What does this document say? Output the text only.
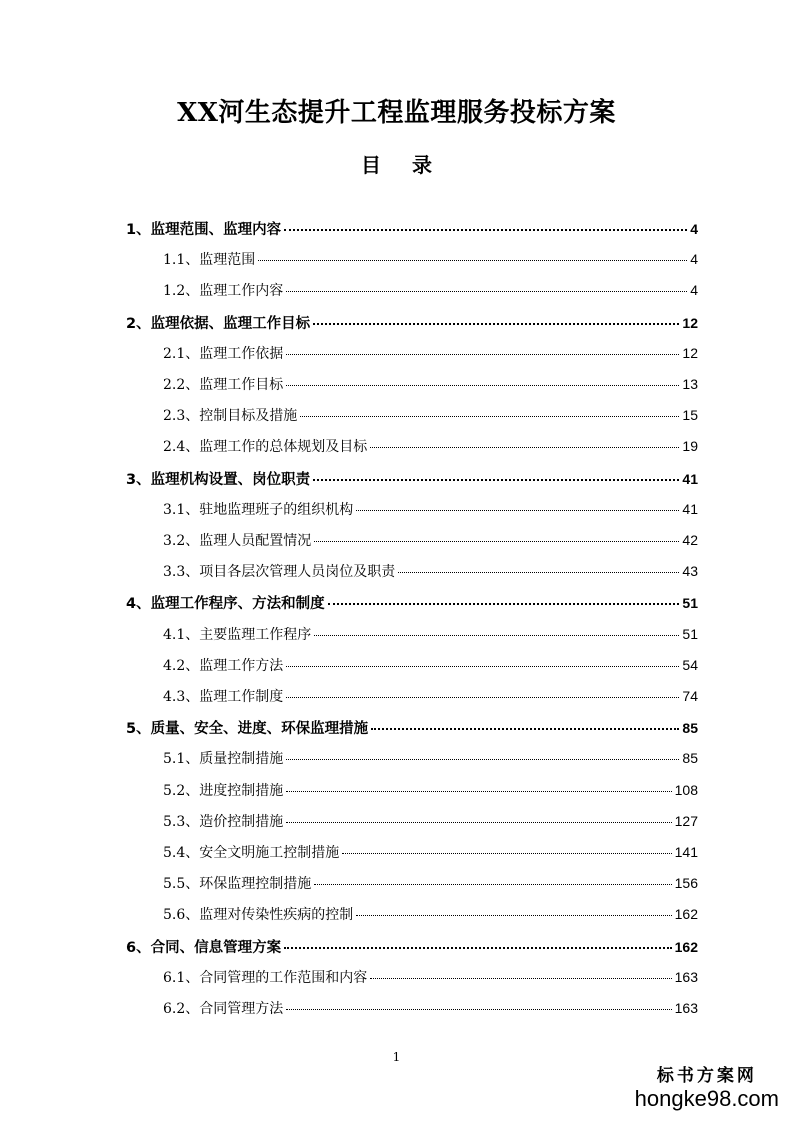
XX河生态提升工程监理服务投标方案
目 录
1、监理范围、监理内容	4
1.1、监理范围	4
1.2、监理工作内容	4
2、监理依据、监理工作目标	12
2.1、监理工作依据	12
2.2、监理工作目标	13
2.3、控制目标及措施	15
2.4、监理工作的总体规划及目标	19
3、监理机构设置、岗位职责	41
3.1、驻地监理班子的组织机构	41
3.2、监理人员配置情况	42
3.3、项目各层次管理人员岗位及职责	43
4、监理工作程序、方法和制度	51
4.1、主要监理工作程序	51
4.2、监理工作方法	54
4.3、监理工作制度	74
5、质量、安全、进度、环保监理措施	85
5.1、质量控制措施	85
5.2、进度控制措施	108
5.3、造价控制措施	127
5.4、安全文明施工控制措施	141
5.5、环保监理控制措施	156
5.6、监理对传染性疾病的控制	162
6、合同、信息管理方案	162
6.1、合同管理的工作范围和内容	163
6.2、合同管理方法	163
1
标书方案网
hongke98.com
